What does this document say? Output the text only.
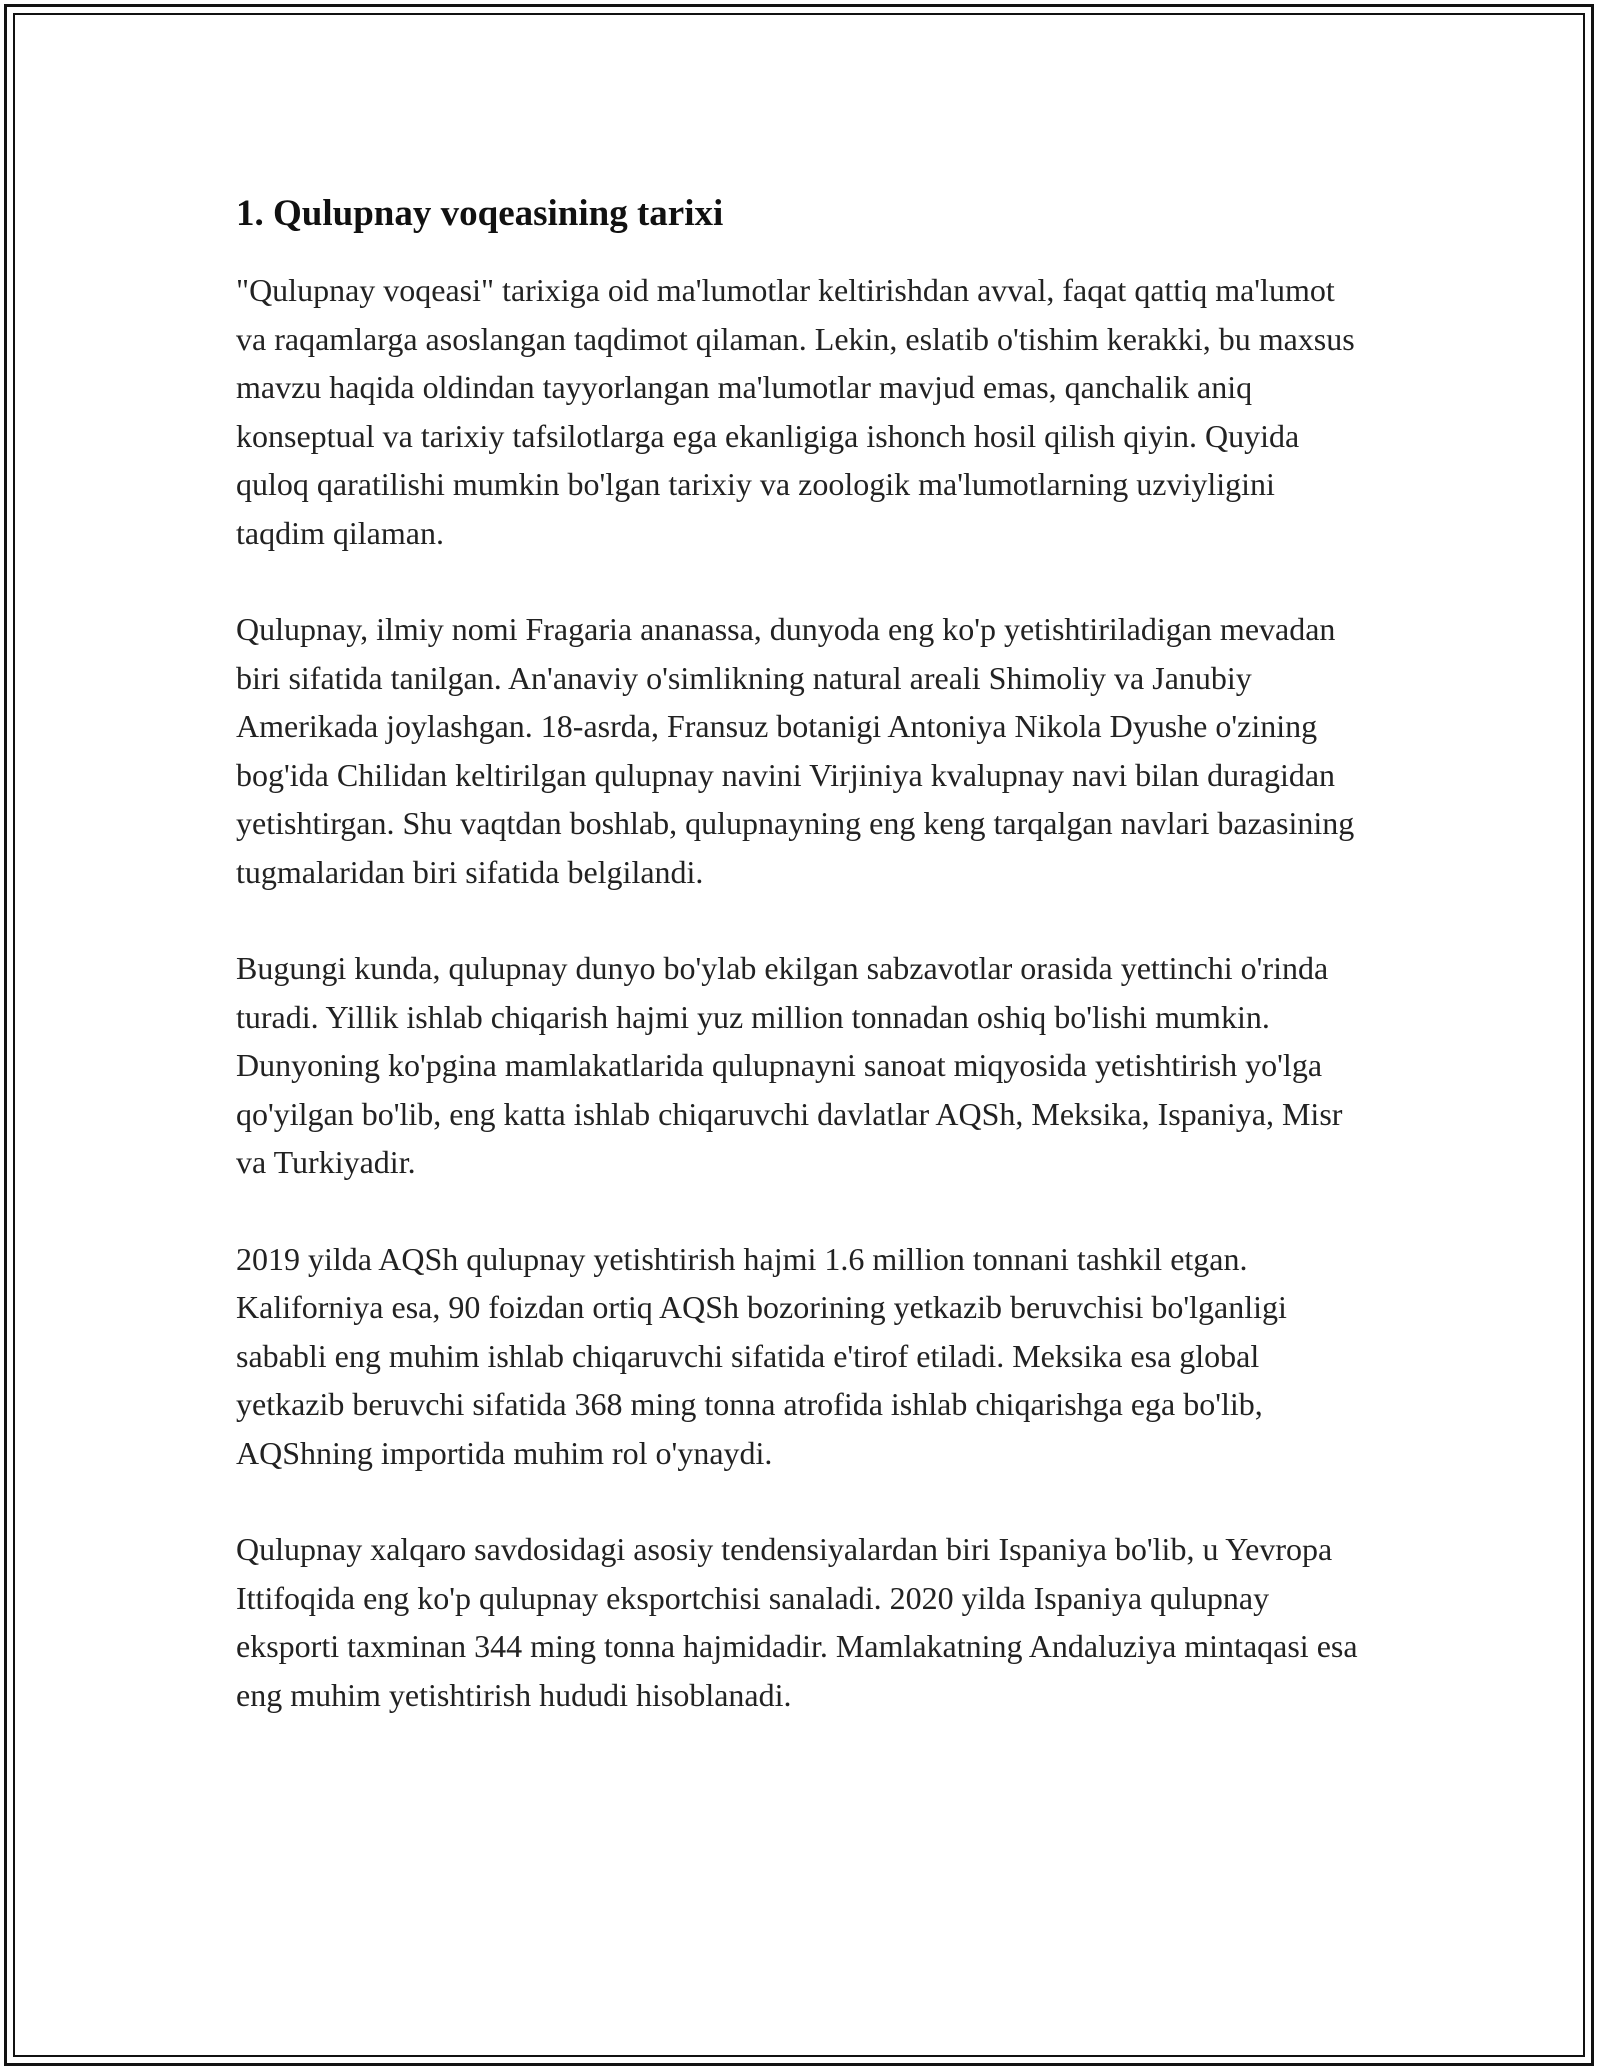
1. Qulupnay voqeasining tarixi

"Qulupnay voqeasi" tarixiga oid ma'lumotlar keltirishdan avval, faqat qattiq ma'lumot va raqamlarga asoslangan taqdimot qilaman. Lekin, eslatib o'tishim kerakki, bu maxsus mavzu haqida oldindan tayyorlangan ma'lumotlar mavjud emas, qanchalik aniq konseptual va tarixiy tafsilotlarga ega ekanligiga ishonch hosil qilish qiyin. Quyida quloq qaratilishi mumkin bo'lgan tarixiy va zoologik ma'lumotlarning uzviyligini taqdim qilaman.

Qulupnay, ilmiy nomi Fragaria ananassa, dunyoda eng ko'p yetishtiriladigan mevadan biri sifatida tanilgan. An'anaviy o'simlikning natural areali Shimoliy va Janubiy Amerikada joylashgan. 18-asrda, Fransuz botanigi Antoniya Nikola Dyushe o'zining bog'ida Chilidan keltirilgan qulupnay navini Virjiniya kvalupnay navi bilan duragidan yetishtirgan. Shu vaqtdan boshlab, qulupnayning eng keng tarqalgan navlari bazasining tugmalaridan biri sifatida belgilandi.

Bugungi kunda, qulupnay dunyo bo'ylab ekilgan sabzavotlar orasida yettinchi o'rinda turadi. Yillik ishlab chiqarish hajmi yuz million tonnadan oshiq bo'lishi mumkin. Dunyoning ko'pgina mamlakatlarida qulupnayni sanoat miqyosida yetishtirish yo'lga qo'yilgan bo'lib, eng katta ishlab chiqaruvchi davlatlar AQSh, Meksika, Ispaniya, Misr va Turkiyadir.

2019 yilda AQSh qulupnay yetishtirish hajmi 1.6 million tonnani tashkil etgan. Kaliforniya esa, 90 foizdan ortiq AQSh bozorining yetkazib beruvchisi bo'lganligi sababli eng muhim ishlab chiqaruvchi sifatida e'tirof etiladi. Meksika esa global yetkazib beruvchi sifatida 368 ming tonna atrofida ishlab chiqarishga ega bo'lib, AQShning importida muhim rol o'ynaydi.

Qulupnay xalqaro savdosidagi asosiy tendensiyalardan biri Ispaniya bo'lib, u Yevropa Ittifoqida eng ko'p qulupnay eksportchisi sanaladi. 2020 yilda Ispaniya qulupnay eksporti taxminan 344 ming tonna hajmidadir. Mamlakatning Andaluziya mintaqasi esa eng muhim yetishtirish hududi hisoblanadi.
